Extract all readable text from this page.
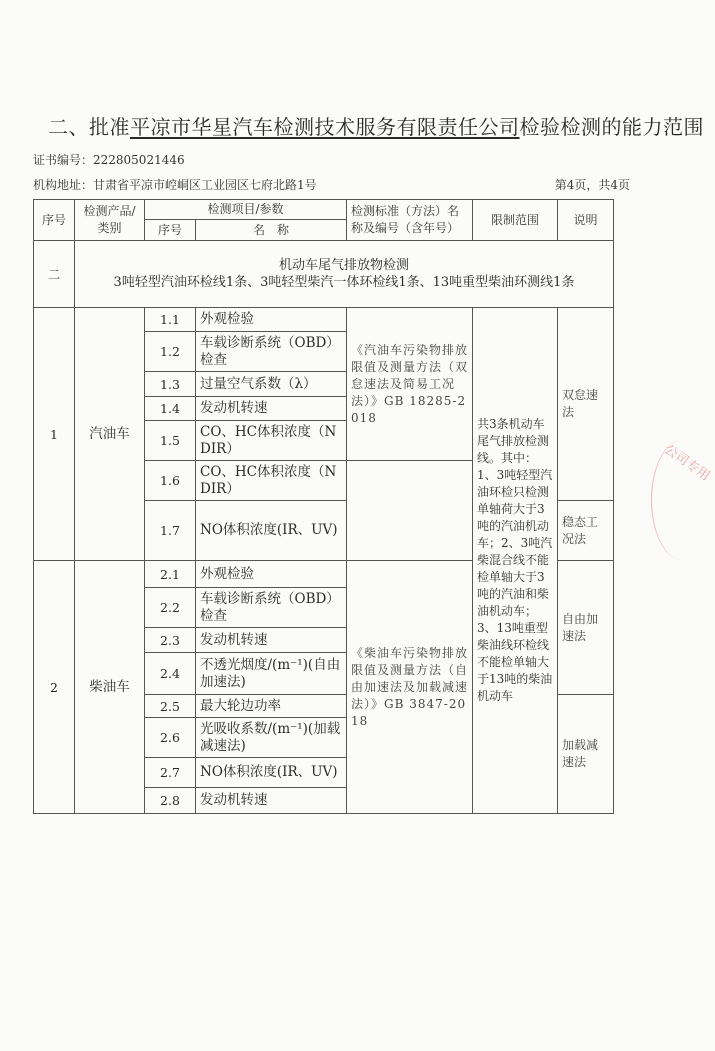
二、批准平凉市华星汽车检测技术服务有限责任公司检验检测的能力范围
证书编号：222805021446
机构地址：甘肃省平凉市崆峒区工业园区七府北路1号	第4页，共4页
序号	检测产品/类别	检测项目/参数		检测标准（方法）名称及编号（含年号）	限制范围	说明
		序号	名　称			
二	机动车尾气排放物检测
3吨轻型汽油环检线1条、3吨轻型柴汽一体环检线1条、13吨重型柴油环测线1条					

1	汽油车	1.1	外观检验	《汽油车污染物排放限值及测量方法（双怠速法及简易工况法）》GB 18285-2018	共3条机动车尾气排放检测线。其中：1、3吨轻型汽油环检只检测单轴荷大于3吨的汽油机动车；2、3吨汽柴混合线不能检单轴大于3吨的汽油和柴油机动车；3、13吨重型柴油线环检线不能检单轴大于13吨的柴油机动车	双怠速法
		1.2	车载诊断系统（OBD）检查			
		1.3	过量空气系数（λ）			
		1.4	发动机转速			
		1.5	CO、HC体积浓度（NDIR）			
		1.6	CO、HC体积浓度（NDIR）			
		1.7	NO体积浓度(IR、UV)			稳态工况法
2	柴油车	2.1	外观检验	《柴油车污染物排放限值及测量方法（自由加速法及加载减速法）》GB 3847-2018		自由加速法
		2.2	车载诊断系统（OBD）检查			
		2.3	发动机转速			
		2.4	不透光烟度/(m⁻¹)(自由加速法)			
		2.5	最大轮边功率			加载减速法
		2.6	光吸收系数/(m⁻¹)(加载减速法)			
		2.7	NO体积浓度(IR、UV)			
		2.8	发动机转速			
公司专用
